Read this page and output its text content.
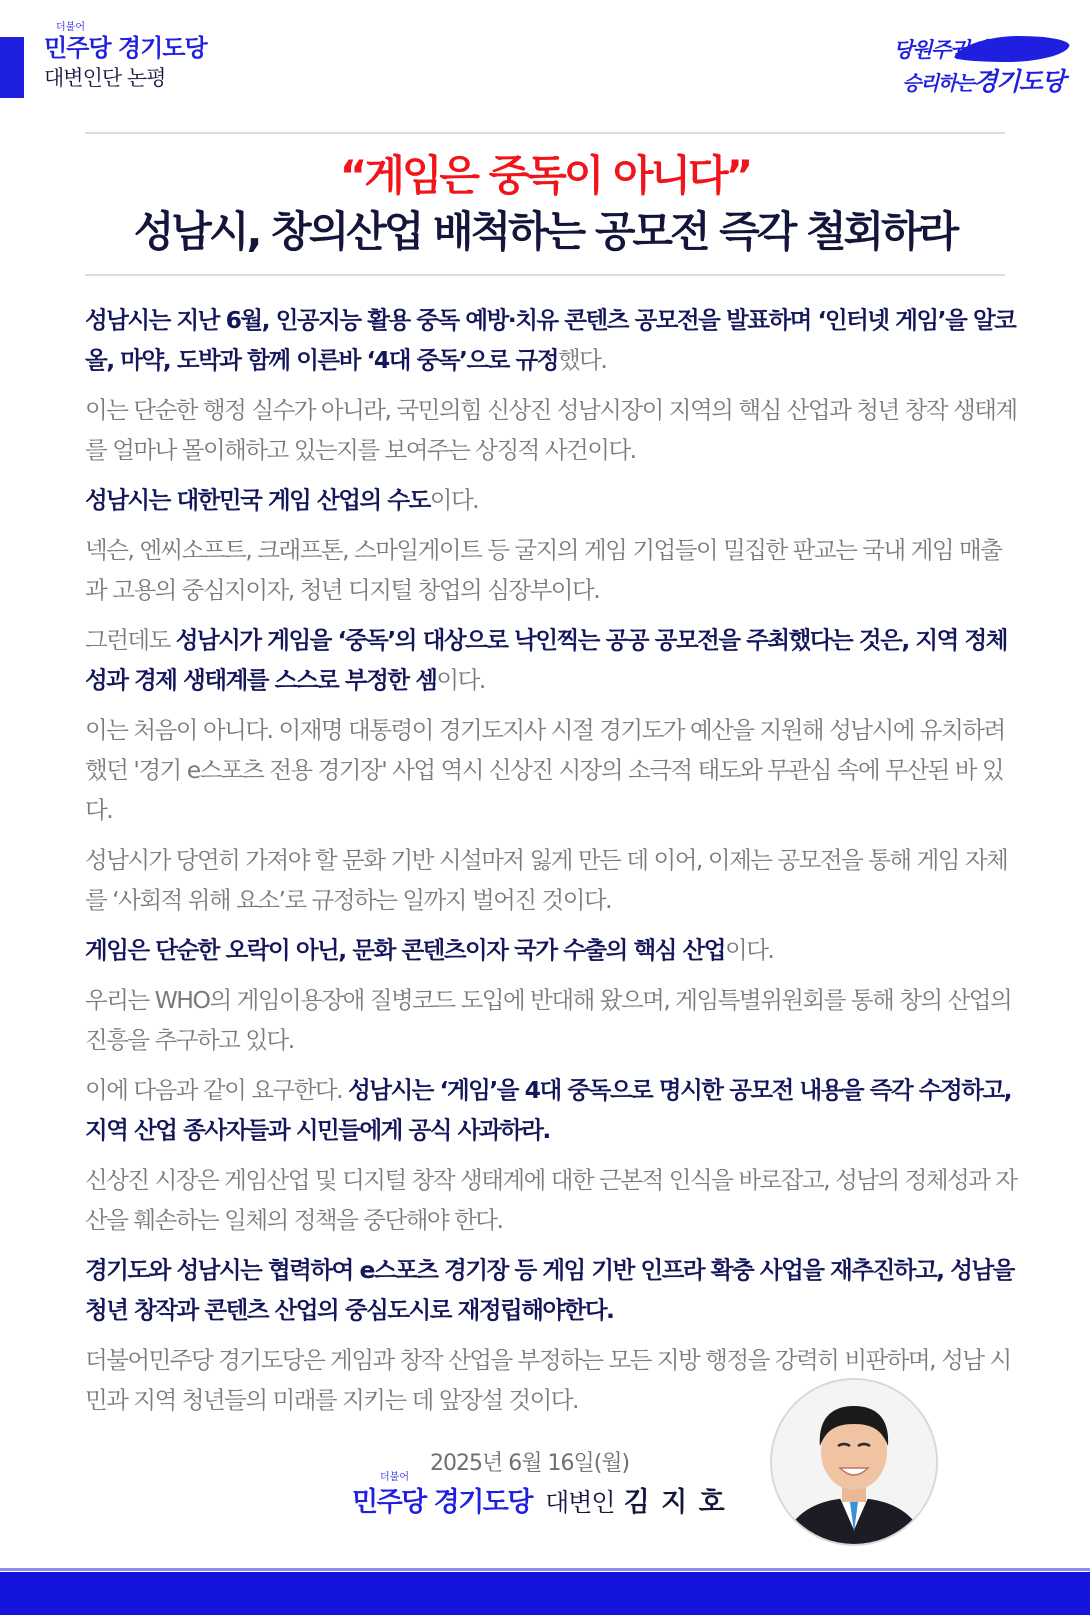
더불어
민주당 경기도당
대변인단 논평
당원주권시대
승리하는경기도당
“게임은 중독이 아니다”
성남시, 창의산업 배척하는 공모전 즉각 철회하라

성남시는 지난 6월, 인공지능 활용 중독 예방·치유 콘텐츠 공모전을 발표하며 ‘인터넷 게임’을 알코올, 마약, 도박과 함께 이른바 ‘4대 중독’으로 규정했다.

이는 단순한 행정 실수가 아니라, 국민의힘 신상진 성남시장이 지역의 핵심 산업과 청년 창작 생태계를 얼마나 몰이해하고 있는지를 보여주는 상징적 사건이다.

성남시는 대한민국 게임 산업의 수도이다.

넥슨, 엔씨소프트, 크래프톤, 스마일게이트 등 굴지의 게임 기업들이 밀집한 판교는 국내 게임 매출과 고용의 중심지이자, 청년 디지털 창업의 심장부이다.

그런데도 성남시가 게임을 ‘중독’의 대상으로 낙인찍는 공공 공모전을 주최했다는 것은, 지역 정체성과 경제 생태계를 스스로 부정한 셈이다.

이는 처음이 아니다. 이재명 대통령이 경기도지사 시절 경기도가 예산을 지원해 성남시에 유치하려 했던 '경기 e스포츠 전용 경기장' 사업 역시 신상진 시장의 소극적 태도와 무관심 속에 무산된 바 있다.

성남시가 당연히 가져야 할 문화 기반 시설마저 잃게 만든 데 이어, 이제는 공모전을 통해 게임 자체를 ‘사회적 위해 요소’로 규정하는 일까지 벌어진 것이다.

게임은 단순한 오락이 아닌, 문화 콘텐츠이자 국가 수출의 핵심 산업이다.

우리는 WHO의 게임이용장애 질병코드 도입에 반대해 왔으며, 게임특별위원회를 통해 창의 산업의 진흥을 추구하고 있다.

이에 다음과 같이 요구한다. 성남시는 ‘게임’을 4대 중독으로 명시한 공모전 내용을 즉각 수정하고, 지역 산업 종사자들과 시민들에게 공식 사과하라.

신상진 시장은 게임산업 및 디지털 창작 생태계에 대한 근본적 인식을 바로잡고, 성남의 정체성과 자산을 훼손하는 일체의 정책을 중단해야 한다.

경기도와 성남시는 협력하여 e스포츠 경기장 등 게임 기반 인프라 확충 사업을 재추진하고, 성남을 청년 창작과 콘텐츠 산업의 중심도시로 재정립해야한다.

더불어민주당 경기도당은 게임과 창작 산업을 부정하는 모든 지방 행정을 강력히 비판하며, 성남 시민과 지역 청년들의 미래를 지키는 데 앞장설 것이다.

2025년 6월 16일(월)
더불어
민주당 경기도당 대변인 김 지 호
